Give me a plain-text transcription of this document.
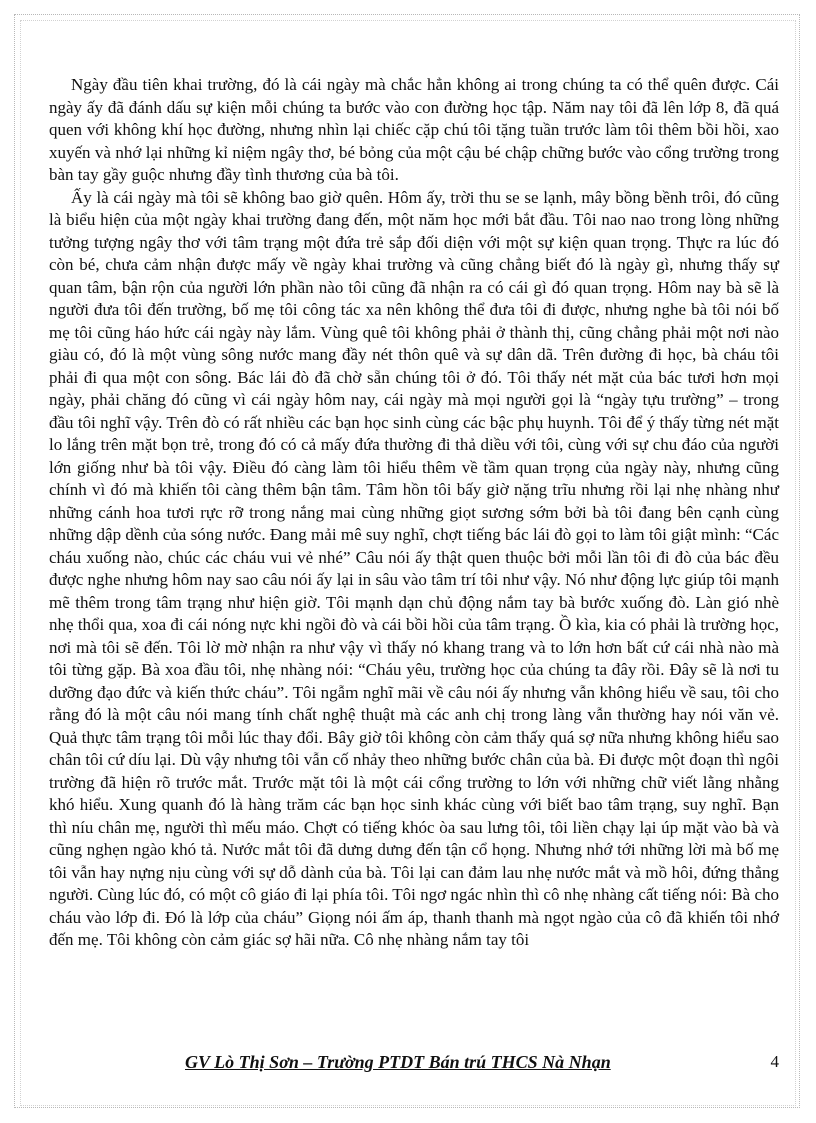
Ngày đầu tiên khai trường, đó là cái ngày mà chắc hẳn không ai trong chúng ta có thể quên được. Cái ngày ấy đã đánh dấu sự kiện mỗi chúng ta bước vào con đường học tập. Năm nay tôi đã lên lớp 8, đã quá quen với không khí học đường, nhưng nhìn lại chiếc cặp chú tôi tặng tuần trước làm tôi thêm bồi hồi, xao xuyến và nhớ lại những kỉ niệm ngây thơ, bé bỏng của một cậu bé chập chững bước vào cổng trường trong bàn tay gầy guộc nhưng đầy tình thương của bà tôi.

Ấy là cái ngày mà tôi sẽ không bao giờ quên. Hôm ấy, trời thu se se lạnh, mây bồng bềnh trôi, đó cũng là biểu hiện của một ngày khai trường đang đến, một năm học mới bắt đầu. Tôi nao nao trong lòng những tưởng tượng ngây thơ với tâm trạng một đứa trẻ sắp đối diện với một sự kiện quan trọng. Thực ra lúc đó còn bé, chưa cảm nhận được mấy về ngày khai trường và cũng chẳng biết đó là ngày gì, nhưng thấy sự quan tâm, bận rộn của người lớn phần nào tôi cũng đã nhận ra có cái gì đó quan trọng. Hôm nay bà sẽ là người đưa tôi đến trường, bố mẹ tôi công tác xa nên không thể đưa tôi đi được, nhưng nghe bà tôi nói bố mẹ tôi cũng háo hức cái ngày này lắm. Vùng quê tôi không phải ở thành thị, cũng chẳng phải một nơi nào giàu có, đó là một vùng sông nước mang đầy nét thôn quê và sự dân dã. Trên đường đi học, bà cháu tôi phải đi qua một con sông. Bác lái đò đã chờ sẵn chúng tôi ở đó. Tôi thấy nét mặt của bác tươi hơn mọi ngày, phải chăng đó cũng vì cái ngày hôm nay, cái ngày mà mọi người gọi là “ngày tựu trường” – trong đầu tôi nghĩ vậy. Trên đò có rất nhiều các bạn học sinh cùng các bậc phụ huynh. Tôi để ý thấy từng nét mặt lo lắng trên mặt bọn trẻ, trong đó có cả mấy đứa thường đi thả diều với tôi, cùng với sự chu đáo của người lớn giống như bà tôi vậy. Điều đó càng làm tôi hiểu thêm về tầm quan trọng của ngày này, nhưng cũng chính vì đó mà khiến tôi càng thêm bận tâm. Tâm hồn tôi bấy giờ nặng trĩu nhưng rồi lại nhẹ nhàng như những cánh hoa tươi rực rỡ trong nắng mai cùng những giọt sương sớm bởi bà tôi đang bên cạnh cùng những dập dềnh của sóng nước. Đang mải mê suy nghĩ, chợt tiếng bác lái đò gọi to làm tôi giật mình: “Các cháu xuống nào, chúc các cháu vui vẻ nhé” Câu nói ấy thật quen thuộc bởi mỗi lần tôi đi đò của bác đều được nghe nhưng hôm nay sao câu nói ấy lại in sâu vào tâm trí tôi như vậy. Nó như động lực giúp tôi mạnh mẽ thêm trong tâm trạng như hiện giờ. Tôi mạnh dạn chủ động nắm tay bà bước xuống đò. Làn gió nhè nhẹ thổi qua, xoa đi cái nóng nực khi ngồi đò và cái bồi hồi của tâm trạng. Ồ kìa, kia có phải là trường học, nơi mà tôi sẽ đến. Tôi lờ mờ nhận ra như vậy vì thấy nó khang trang và to lớn hơn bất cứ cái nhà nào mà tôi từng gặp. Bà xoa đầu tôi, nhẹ nhàng nói: “Cháu yêu, trường học của chúng ta đây rồi. Đây sẽ là nơi tu dưỡng đạo đức và kiến thức cháu”. Tôi ngẫm nghĩ mãi về câu nói ấy nhưng vẫn không hiểu về sau, tôi cho rằng đó là một câu nói mang tính chất nghệ thuật mà các anh chị trong làng vẫn thường hay nói văn vẻ. Quả thực tâm trạng tôi mỗi lúc thay đổi. Bây giờ tôi không còn cảm thấy quá sợ nữa nhưng không hiểu sao chân tôi cứ díu lại. Dù vậy nhưng tôi vẫn cố nhảy theo những bước chân của bà. Đi được một đoạn thì ngôi trường đã hiện rõ trước mắt. Trước mặt tôi là một cái cổng trường to lớn với những chữ viết lằng nhằng khó hiểu. Xung quanh đó là hàng trăm các bạn học sinh khác cùng với biết bao tâm trạng, suy nghĩ. Bạn thì níu chân mẹ, người thì mếu máo. Chợt có tiếng khóc òa sau lưng tôi, tôi liền chạy lại úp mặt vào bà và cũng nghẹn ngào khó tả. Nước mắt tôi đã dưng dưng đến tận cổ họng. Nhưng nhớ tới những lời mà bố mẹ tôi vẫn hay nựng nịu cùng với sự dỗ dành của bà. Tôi lại can đảm lau nhẹ nước mắt và mồ hôi, đứng thẳng người. Cùng lúc đó, có một cô giáo đi lại phía tôi. Tôi ngơ ngác nhìn thì cô nhẹ nhàng cất tiếng nói: Bà cho cháu vào lớp đi. Đó là lớp của cháu” Giọng nói ấm áp, thanh thanh mà ngọt ngào của cô đã khiến tôi nhớ đến mẹ. Tôi không còn cảm giác sợ hãi nữa. Cô nhẹ nhàng nắm tay tôi

GV Lò Thị Sơn – Trường PTDT Bán trú THCS Nà Nhạn	4
